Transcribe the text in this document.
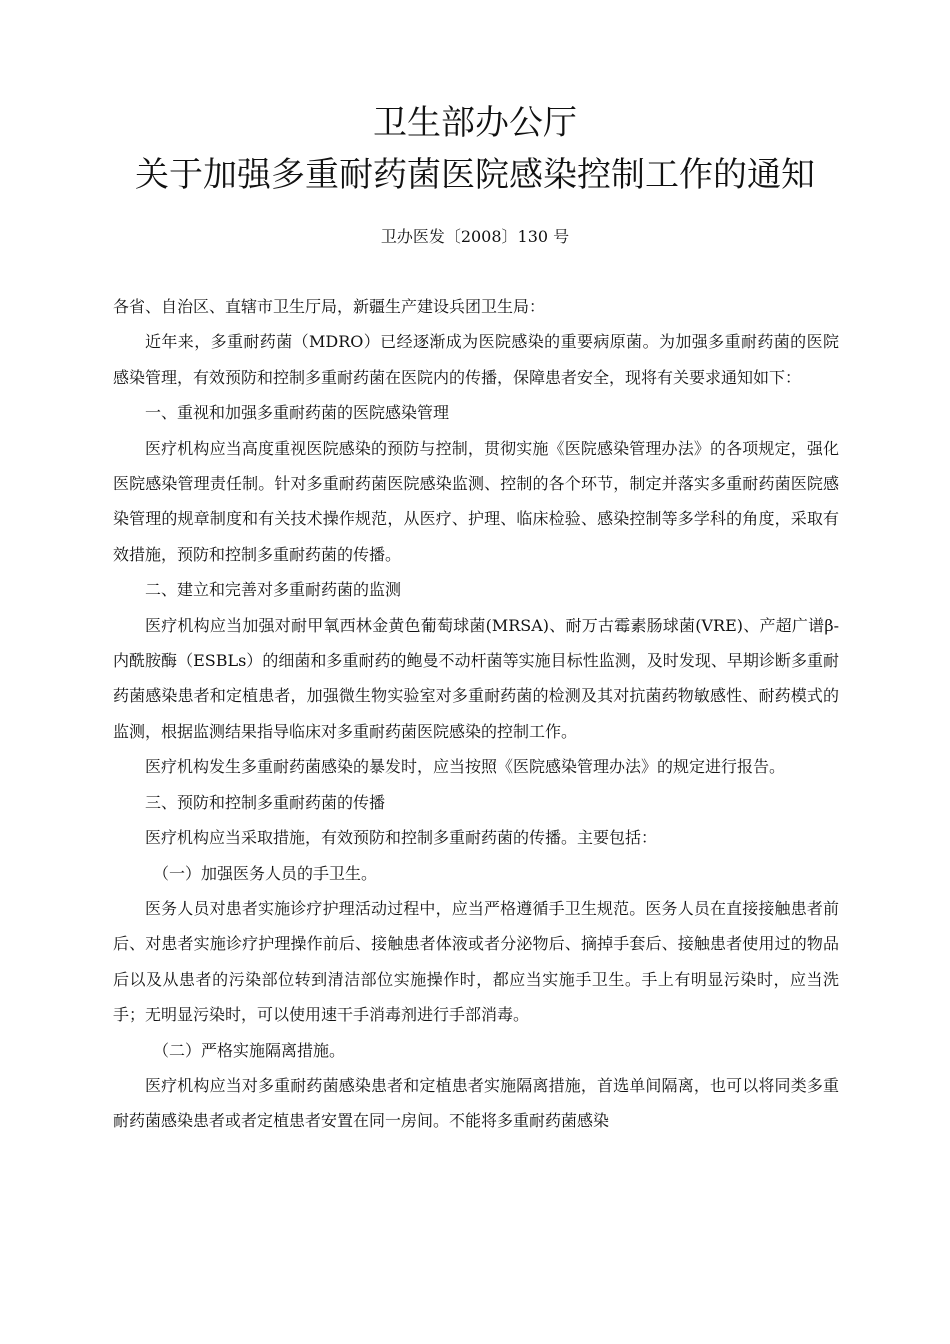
卫生部办公厅
关于加强多重耐药菌医院感染控制工作的通知
卫办医发〔2008〕130 号

各省、自治区、直辖市卫生厅局，新疆生产建设兵团卫生局：

近年来，多重耐药菌（MDRO）已经逐渐成为医院感染的重要病原菌。为加强多重耐药菌的医院感染管理，有效预防和控制多重耐药菌在医院内的传播，保障患者安全，现将有关要求通知如下：

一、重视和加强多重耐药菌的医院感染管理

医疗机构应当高度重视医院感染的预防与控制，贯彻实施《医院感染管理办法》的各项规定，强化医院感染管理责任制。针对多重耐药菌医院感染监测、控制的各个环节，制定并落实多重耐药菌医院感染管理的规章制度和有关技术操作规范，从医疗、护理、临床检验、感染控制等多学科的角度，采取有效措施，预防和控制多重耐药菌的传播。

二、建立和完善对多重耐药菌的监测

医疗机构应当加强对耐甲氧西林金黄色葡萄球菌(MRSA)、耐万古霉素肠球菌(VRE)、产超广谱β-内酰胺酶（ESBLs）的细菌和多重耐药的鲍曼不动杆菌等实施目标性监测，及时发现、早期诊断多重耐药菌感染患者和定植患者，加强微生物实验室对多重耐药菌的检测及其对抗菌药物敏感性、耐药模式的监测，根据监测结果指导临床对多重耐药菌医院感染的控制工作。

医疗机构发生多重耐药菌感染的暴发时，应当按照《医院感染管理办法》的规定进行报告。

三、预防和控制多重耐药菌的传播

医疗机构应当采取措施，有效预防和控制多重耐药菌的传播。主要包括：

（一）加强医务人员的手卫生。

医务人员对患者实施诊疗护理活动过程中，应当严格遵循手卫生规范。医务人员在直接接触患者前后、对患者实施诊疗护理操作前后、接触患者体液或者分泌物后、摘掉手套后、接触患者使用过的物品后以及从患者的污染部位转到清洁部位实施操作时，都应当实施手卫生。手上有明显污染时，应当洗手；无明显污染时，可以使用速干手消毒剂进行手部消毒。

（二）严格实施隔离措施。

医疗机构应当对多重耐药菌感染患者和定植患者实施隔离措施，首选单间隔离，也可以将同类多重耐药菌感染患者或者定植患者安置在同一房间。不能将多重耐药菌感染
